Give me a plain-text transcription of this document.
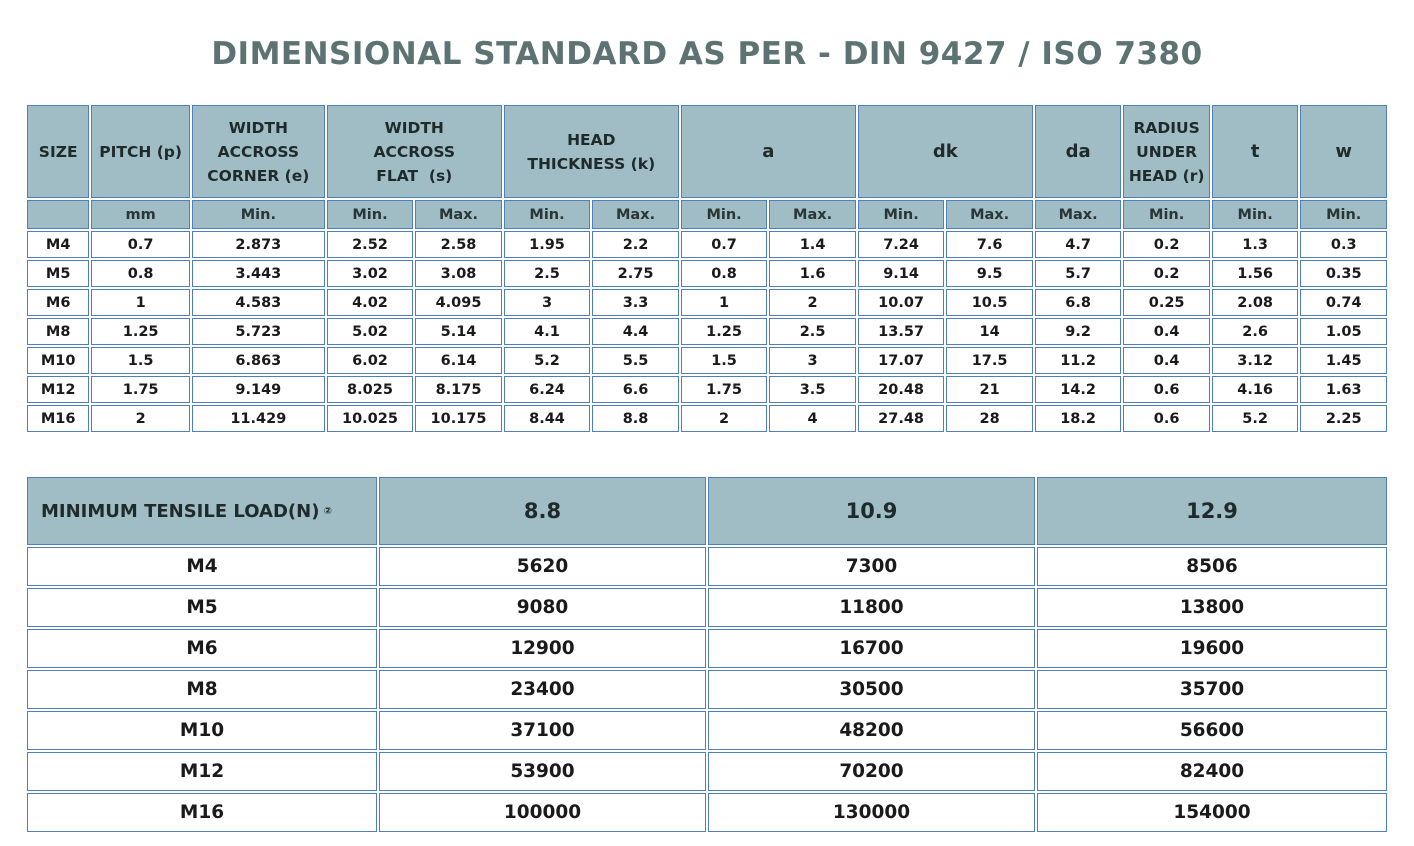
DIMENSIONAL STANDARD AS PER - DIN 9427 / ISO 7380
SIZE	PITCH (p)	WIDTH
ACCROSS
CORNER (e)	WIDTH
ACCROSS
FLAT  (s)		HEAD
THICKNESS (k)		a		dk		da	RADIUS
UNDER
HEAD (r)	t	w
	mm	Min.	Min.	Max.	Min.	Max.	Min.	Max.	Min.	Max.	Max.	Min.	Min.	Min.
M4	0.7	2.873	2.52	2.58	1.95	2.2	0.7	1.4	7.24	7.6	4.7	0.2	1.3	0.3
M5	0.8	3.443	3.02	3.08	2.5	2.75	0.8	1.6	9.14	9.5	5.7	0.2	1.56	0.35
M6	1	4.583	4.02	4.095	3	3.3	1	2	10.07	10.5	6.8	0.25	2.08	0.74
M8	1.25	5.723	5.02	5.14	4.1	4.4	1.25	2.5	13.57	14	9.2	0.4	2.6	1.05
M10	1.5	6.863	6.02	6.14	5.2	5.5	1.5	3	17.07	17.5	11.2	0.4	3.12	1.45
M12	1.75	9.149	8.025	8.175	6.24	6.6	1.75	3.5	20.48	21	14.2	0.6	4.16	1.63
M16	2	11.429	10.025	10.175	8.44	8.8	2	4	27.48	28	18.2	0.6	5.2	2.25
MINIMUM TENSILE LOAD(N) ②	8.8	10.9	12.9
M4	5620	7300	8506
M5	9080	11800	13800
M6	12900	16700	19600
M8	23400	30500	35700
M10	37100	48200	56600
M12	53900	70200	82400
M16	100000	130000	154000
